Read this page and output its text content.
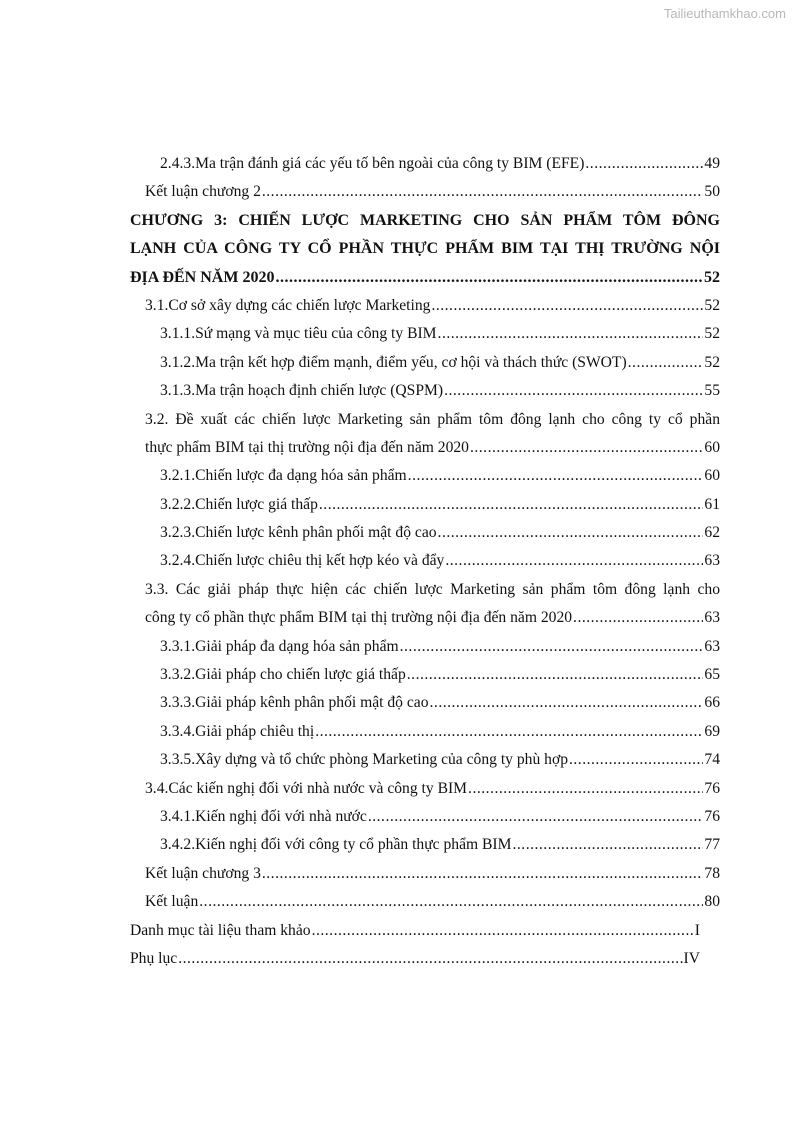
Tailieuthamkhao.com
2.4.3. Ma trận đánh giá các yếu tố bên ngoài của công ty BIM (EFE) .....	49
Kết luận chương 2 .....	50
CHƯƠNG 3: CHIẾN LƯỢC MARKETING CHO SẢN PHẨM TÔM ĐÔNG
LẠNH CỦA CÔNG TY CỔ PHẦN THỰC PHẨM BIM TẠI THỊ TRƯỜNG NỘI
ĐỊA ĐẾN NĂM 2020 .....	52
3.1. Cơ sở xây dựng các chiến lược Marketing .....	52
3.1.1. Sứ mạng và mục tiêu của công ty BIM .....	52
3.1.2. Ma trận kết hợp điểm mạnh, điểm yếu, cơ hội và thách thức (SWOT) .....	52
3.1.3. Ma trận hoạch định chiến lược (QSPM) .....	55
3.2. Đề xuất các chiến lược Marketing sản phẩm tôm đông lạnh cho công ty cổ phần
thực phẩm BIM tại thị trường nội địa đến năm 2020 .....	60
3.2.1. Chiến lược đa dạng hóa sản phẩm .....	60
3.2.2. Chiến lược giá thấp .....	61
3.2.3. Chiến lược kênh phân phối mật độ cao .....	62
3.2.4. Chiến lược chiêu thị kết hợp kéo và đẩy .....	63
3.3. Các giải pháp thực hiện các chiến lược Marketing sản phẩm tôm đông lạnh cho
công ty cổ phần thực phẩm BIM tại thị trường nội địa đến năm 2020 .....	63
3.3.1. Giải pháp đa dạng hóa sản phẩm .....	63
3.3.2. Giải pháp cho chiến lược giá thấp .....	65
3.3.3. Giải pháp kênh phân phối mật độ cao .....	66
3.3.4. Giải pháp chiêu thị .....	69
3.3.5. Xây dựng và tổ chức phòng Marketing của công ty phù hợp .....	74
3.4. Các kiến nghị đối với nhà nước và công ty BIM .....	76
3.4.1. Kiến nghị đối với nhà nước .....	76
3.4.2. Kiến nghị đối với công ty cổ phần thực phẩm BIM .....	77
Kết luận chương 3 .....	78
Kết luận .....	80
Danh mục tài liệu tham khảo .....	I
Phụ lục .....	IV
